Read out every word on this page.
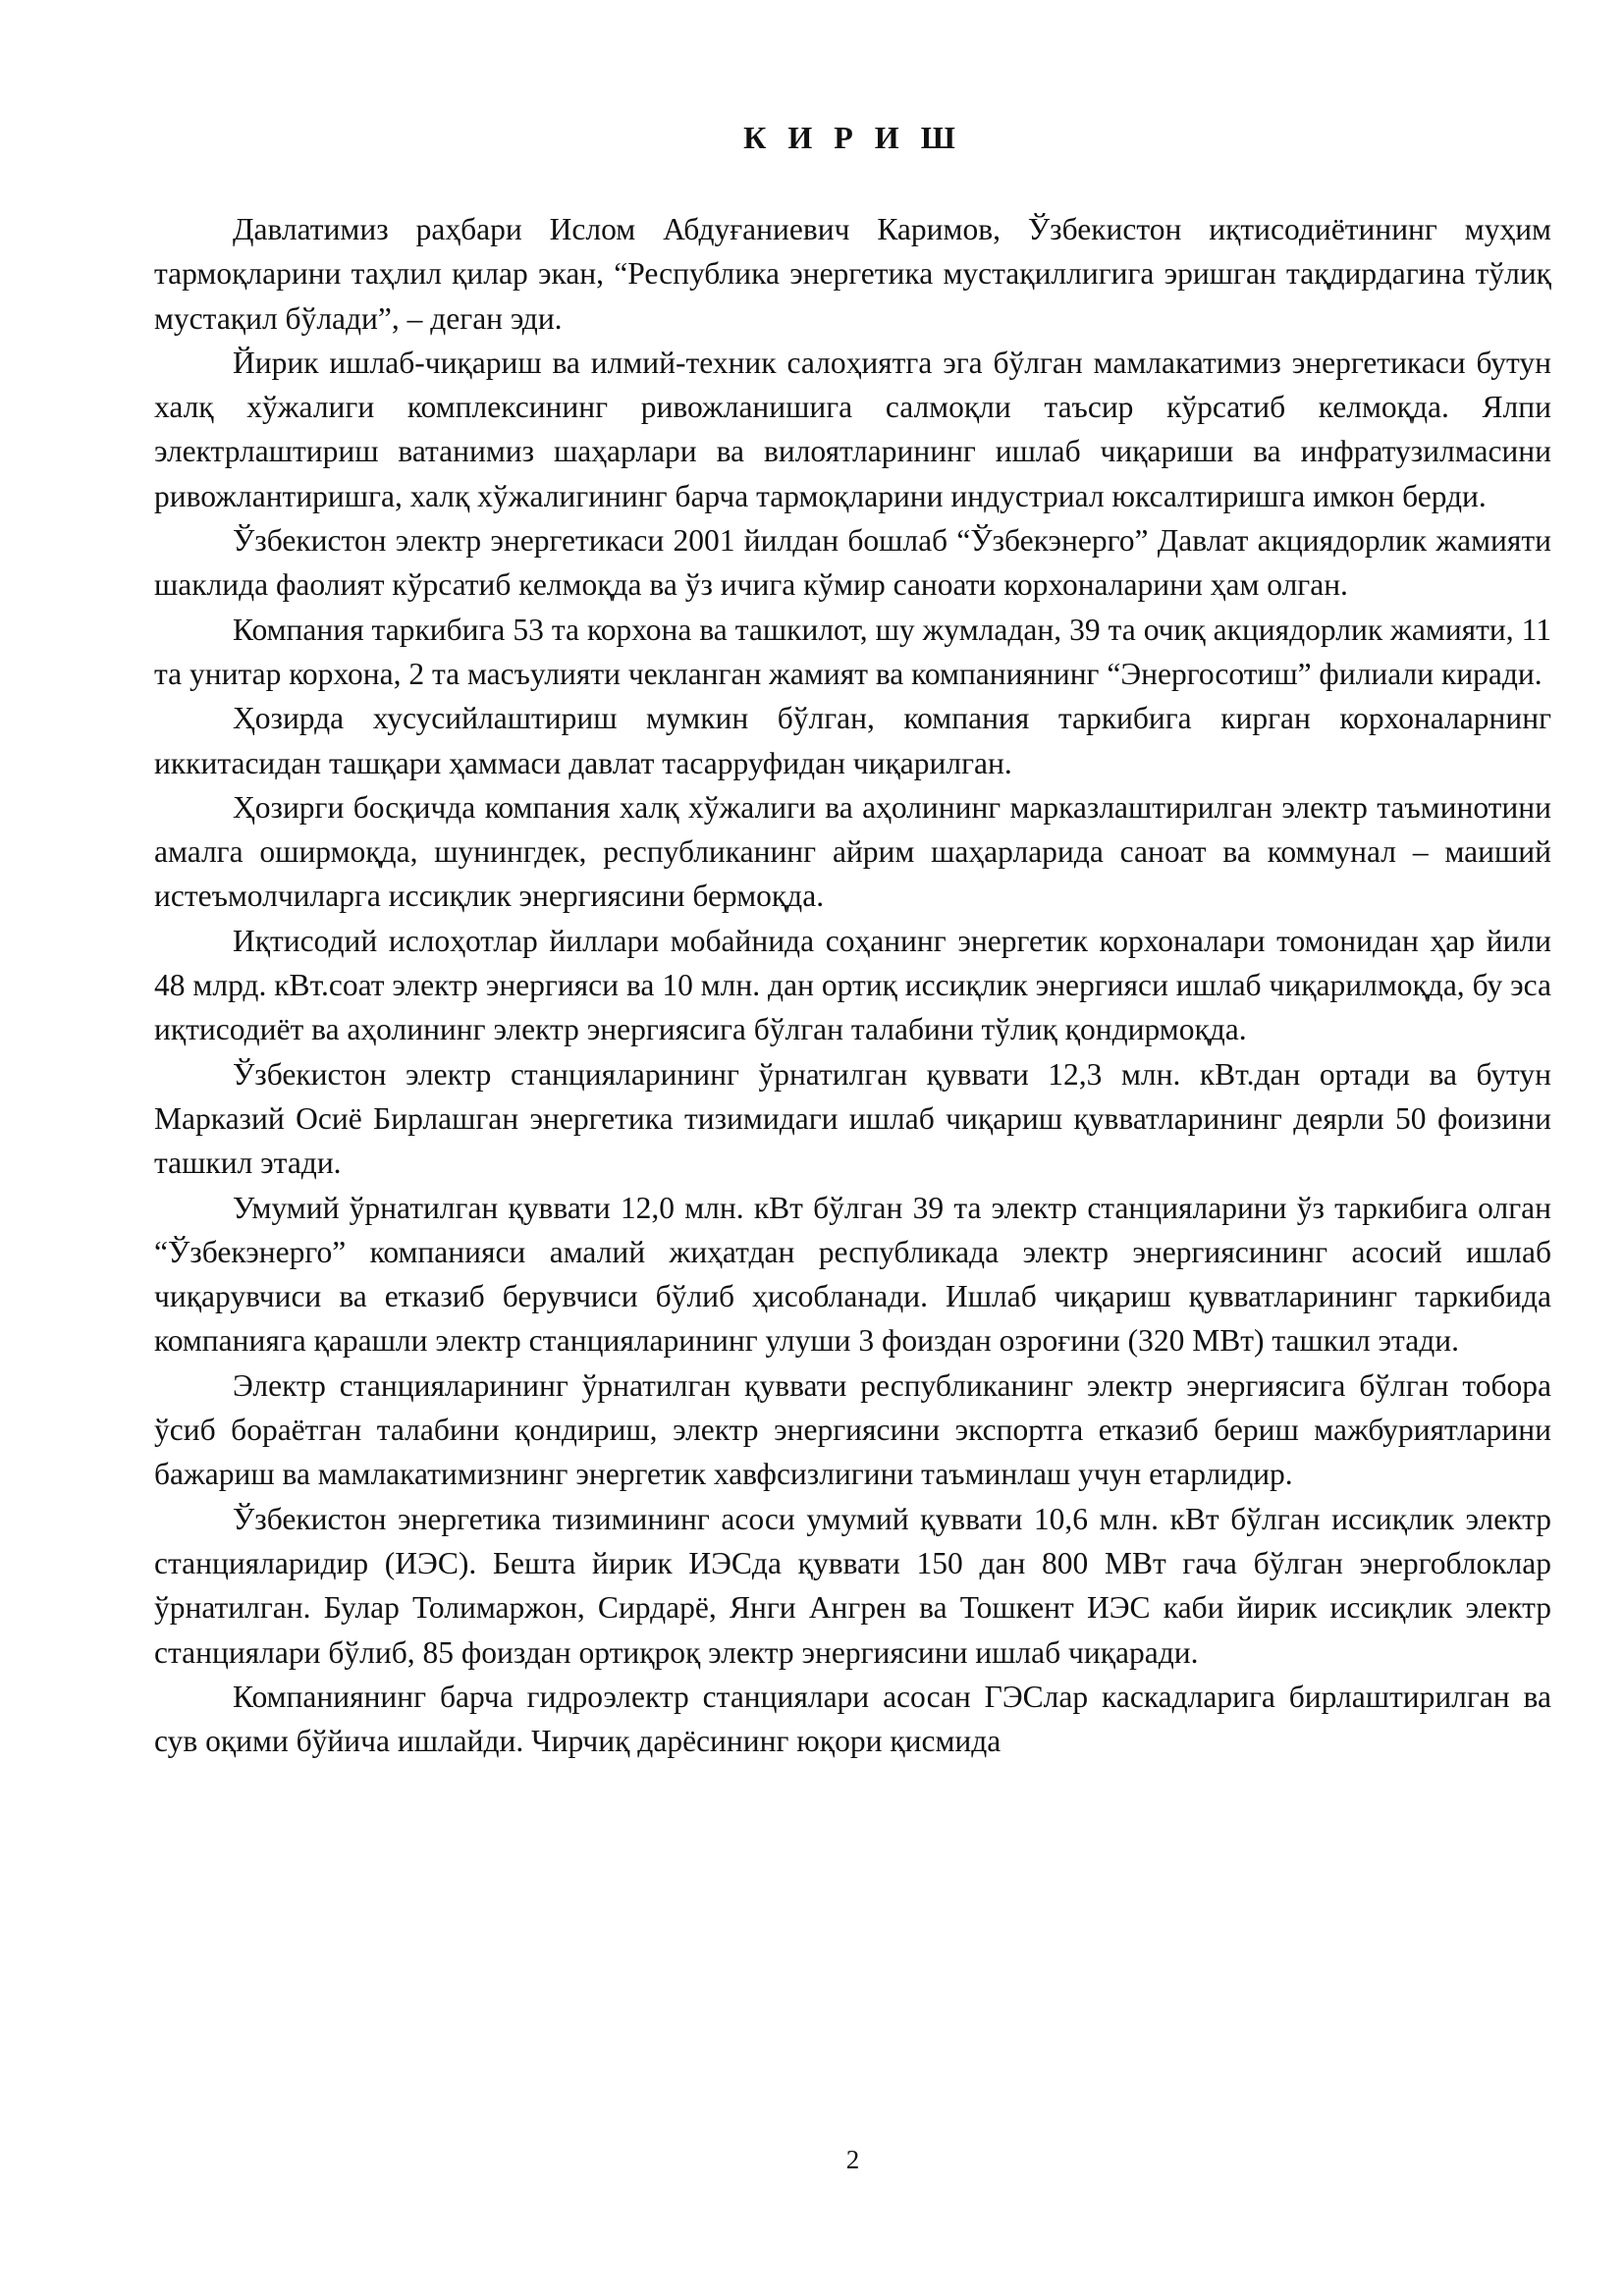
К И Р И Ш

Давлатимиз раҳбари Ислом Абдуғаниевич Каримов, Ўзбекистон иқтисодиётининг муҳим тармоқларини таҳлил қилар экан, “Республика энергетика мустақиллигига эришган тақдирдагина тўлиқ мустақил бўлади”, – деган эди.

Йирик ишлаб-чиқариш ва илмий-техник салоҳиятга эга бўлган мамлакатимиз энергетикаси бутун халқ хўжалиги комплексининг ривожланишига салмоқли таъсир кўрсатиб келмоқда. Ялпи электрлаштириш ватанимиз шаҳарлари ва вилоятларининг ишлаб чиқариши ва инфратузилмасини ривожлантиришга, халқ хўжалигининг барча тармоқларини индустриал юксалтиришга имкон берди.

Ўзбекистон электр энергетикаси 2001 йилдан бошлаб “Ўзбекэнерго” Давлат акциядорлик жамияти шаклида фаолият кўрсатиб келмоқда ва ўз ичига кўмир саноати корхоналарини ҳам олган.

Компания таркибига 53 та корхона ва ташкилот, шу жумладан, 39 та очиқ акциядорлик жамияти, 11 та унитар корхона, 2 та масъулияти чекланган жамият ва компаниянинг “Энергосотиш” филиали киради.

Ҳозирда хусусийлаштириш мумкин бўлган, компания таркибига кирган корхоналарнинг иккитасидан ташқари ҳаммаси давлат тасарруфидан чиқарилган.

Ҳозирги босқичда компания халқ хўжалиги ва аҳолининг марказлаштирилган электр таъминотини амалга оширмоқда, шунингдек, республиканинг айрим шаҳарларида саноат ва коммунал – маиший истеъмолчиларга иссиқлик энергиясини бермоқда.

Иқтисодий ислоҳотлар йиллари мобайнида соҳанинг энергетик корхоналари томонидан ҳар йили 48 млрд. кВт.соат электр энергияси ва 10 млн. дан ортиқ иссиқлик энергияси ишлаб чиқарилмоқда, бу эса иқтисодиёт ва аҳолининг электр энергиясига бўлган талабини тўлиқ қондирмоқда.

Ўзбекистон электр станцияларининг ўрнатилган қуввати 12,3 млн. кВт.дан ортади ва бутун Марказий Осиё Бирлашган энергетика тизимидаги ишлаб чиқариш қувватларининг деярли 50 фоизини ташкил этади.

Умумий ўрнатилган қуввати 12,0 млн. кВт бўлган 39 та электр станцияларини ўз таркибига олган “Ўзбекэнерго” компанияси амалий жиҳатдан республикада электр энергиясининг асосий ишлаб чиқарувчиси ва етказиб берувчиси бўлиб ҳисобланади. Ишлаб чиқариш қувватларининг таркибида компанияга қарашли электр станцияларининг улуши 3 фоиздан озроғини (320 МВт) ташкил этади.

Электр станцияларининг ўрнатилган қуввати республиканинг электр энергиясига бўлган тобора ўсиб бораётган талабини қондириш, электр энергиясини экспортга етказиб бериш мажбуриятларини бажариш ва мамлакатимизнинг энергетик хавфсизлигини таъминлаш учун етарлидир.

Ўзбекистон энергетика тизимининг асоси умумий қуввати 10,6 млн. кВт бўлган иссиқлик электр станцияларидир (ИЭС). Бешта йирик ИЭСда қуввати 150 дан 800 МВт гача бўлган энергоблоклар ўрнатилган. Булар Толимаржон, Сирдарё, Янги Ангрен ва Тошкент ИЭС каби йирик иссиқлик электр станциялари бўлиб, 85 фоиздан ортиқроқ электр энергиясини ишлаб чиқаради.

Компаниянинг барча гидроэлектр станциялари асосан ГЭСлар каскадларига бирлаштирилган ва сув оқими бўйича ишлайди. Чирчиқ дарёсининг юқори қисмида

2
